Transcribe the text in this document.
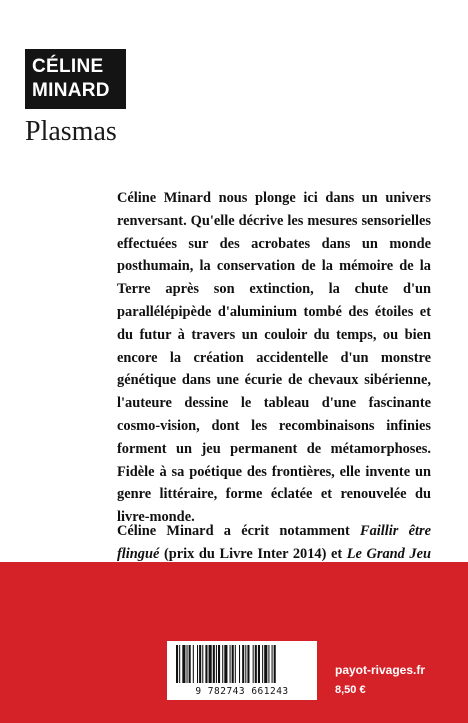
CÉLINE
MINARD
Plasmas

Céline Minard nous plonge ici dans un univers renversant. Qu'elle décrive les mesures sensorielles effectuées sur des acrobates dans un monde posthumain, la conservation de la mémoire de la Terre après son extinction, la chute d'un parallélépipède d'aluminium tombé des étoiles et du futur à travers un couloir du temps, ou bien encore la création accidentelle d'un monstre génétique dans une écurie de chevaux sibérienne, l'auteure dessine le tableau d'une fascinante cosmo-vision, dont les recombinaisons infinies forment un jeu permanent de métamorphoses. Fidèle à sa poétique des frontières, elle invente un genre littéraire, forme éclatée et renouvelée du livre-monde.

Céline Minard a écrit notamment Faillir être flingué (prix du Livre Inter 2014) et Le Grand Jeu

9 782743 661243
payot-rivages.fr
8,50 €
